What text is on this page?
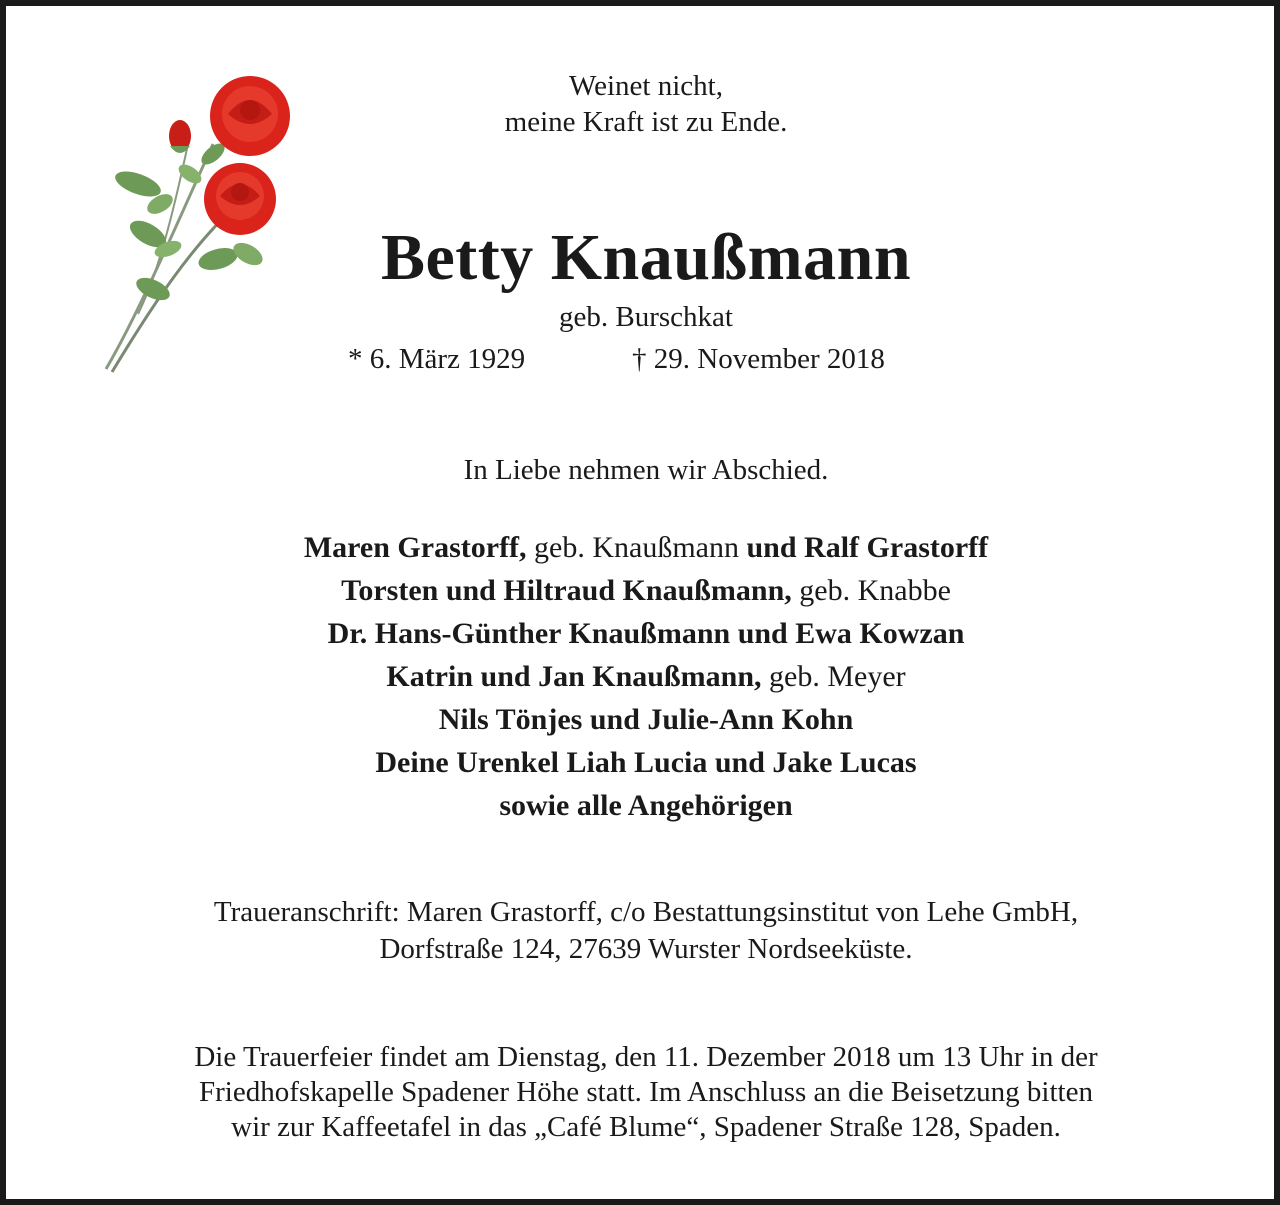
Weinet nicht,
meine Kraft ist zu Ende.
Betty Knaußmann
geb. Burschkat
* 6. März 1929	† 29. November 2018
In Liebe nehmen wir Abschied.
Maren Grastorff, geb. Knaußmann und Ralf Grastorff
Torsten und Hiltraud Knaußmann, geb. Knabbe
Dr. Hans-Günther Knaußmann und Ewa Kowzan
Katrin und Jan Knaußmann, geb. Meyer
Nils Tönjes und Julie-Ann Kohn
Deine Urenkel Liah Lucia und Jake Lucas
sowie alle Angehörigen
Traueranschrift: Maren Grastorff, c/o Bestattungsinstitut von Lehe GmbH,
Dorfstraße 124, 27639 Wurster Nordseeküste.
Die Trauerfeier findet am Dienstag, den 11. Dezember 2018 um 13 Uhr in der
Friedhofskapelle Spadener Höhe statt. Im Anschluss an die Beisetzung bitten
wir zur Kaffeetafel in das „Café Blume“, Spadener Straße 128, Spaden.
